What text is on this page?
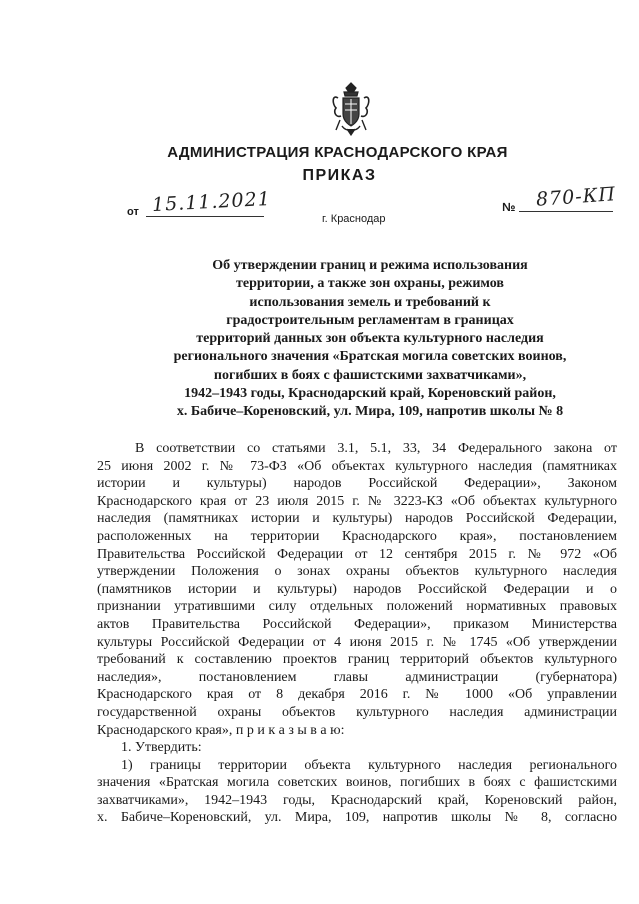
АДМИНИСТРАЦИЯ КРАСНОДАРСКОГО КРАЯ
ПРИКАЗ
от 15.11.2021	№ 870-КП
г. Краснодар
Об утверждении границ и режима использования
территории, а также зон охраны, режимов
использования земель и требований к
градостроительным регламентам в границах
территорий данных зон объекта культурного наследия
регионального значения «Братская могила советских воинов,
погибших в боях с фашистскими захватчиками»,
1942–1943 годы, Краснодарский край, Кореновский район,
х. Бабиче–Кореновский, ул. Мира, 109, напротив школы № 8
В соответствии со статьями 3.1, 5.1, 33, 34 Федерального закона от
25 июня 2002 г. № 73-ФЗ «Об объектах культурного наследия (памятниках
истории и культуры) народов Российской Федерации», Законом
Краснодарского края от 23 июля 2015 г. № 3223-КЗ «Об объектах культурного
наследия (памятниках истории и культуры) народов Российской Федерации,
расположенных на территории Краснодарского края», постановлением
Правительства Российской Федерации от 12 сентября 2015 г. № 972 «Об
утверждении Положения о зонах охраны объектов культурного наследия
(памятников истории и культуры) народов Российской Федерации и о
признании утратившими силу отдельных положений нормативных правовых
актов Правительства Российской Федерации», приказом Министерства
культуры Российской Федерации от 4 июня 2015 г. № 1745 «Об утверждении
требований к составлению проектов границ территорий объектов культурного
наследия», постановлением главы администрации (губернатора)
Краснодарского края от 8 декабря 2016 г. № 1000 «Об управлении
государственной охраны объектов культурного наследия администрации
Краснодарского края», п р и к а з ы в а ю:
1. Утвердить:
1) границы территории объекта культурного наследия регионального
значения «Братская могила советских воинов, погибших в боях с фашистскими
захватчиками», 1942–1943 годы, Краснодарский край, Кореновский район,
х. Бабиче–Кореновский, ул. Мира, 109, напротив школы № 8, согласно
